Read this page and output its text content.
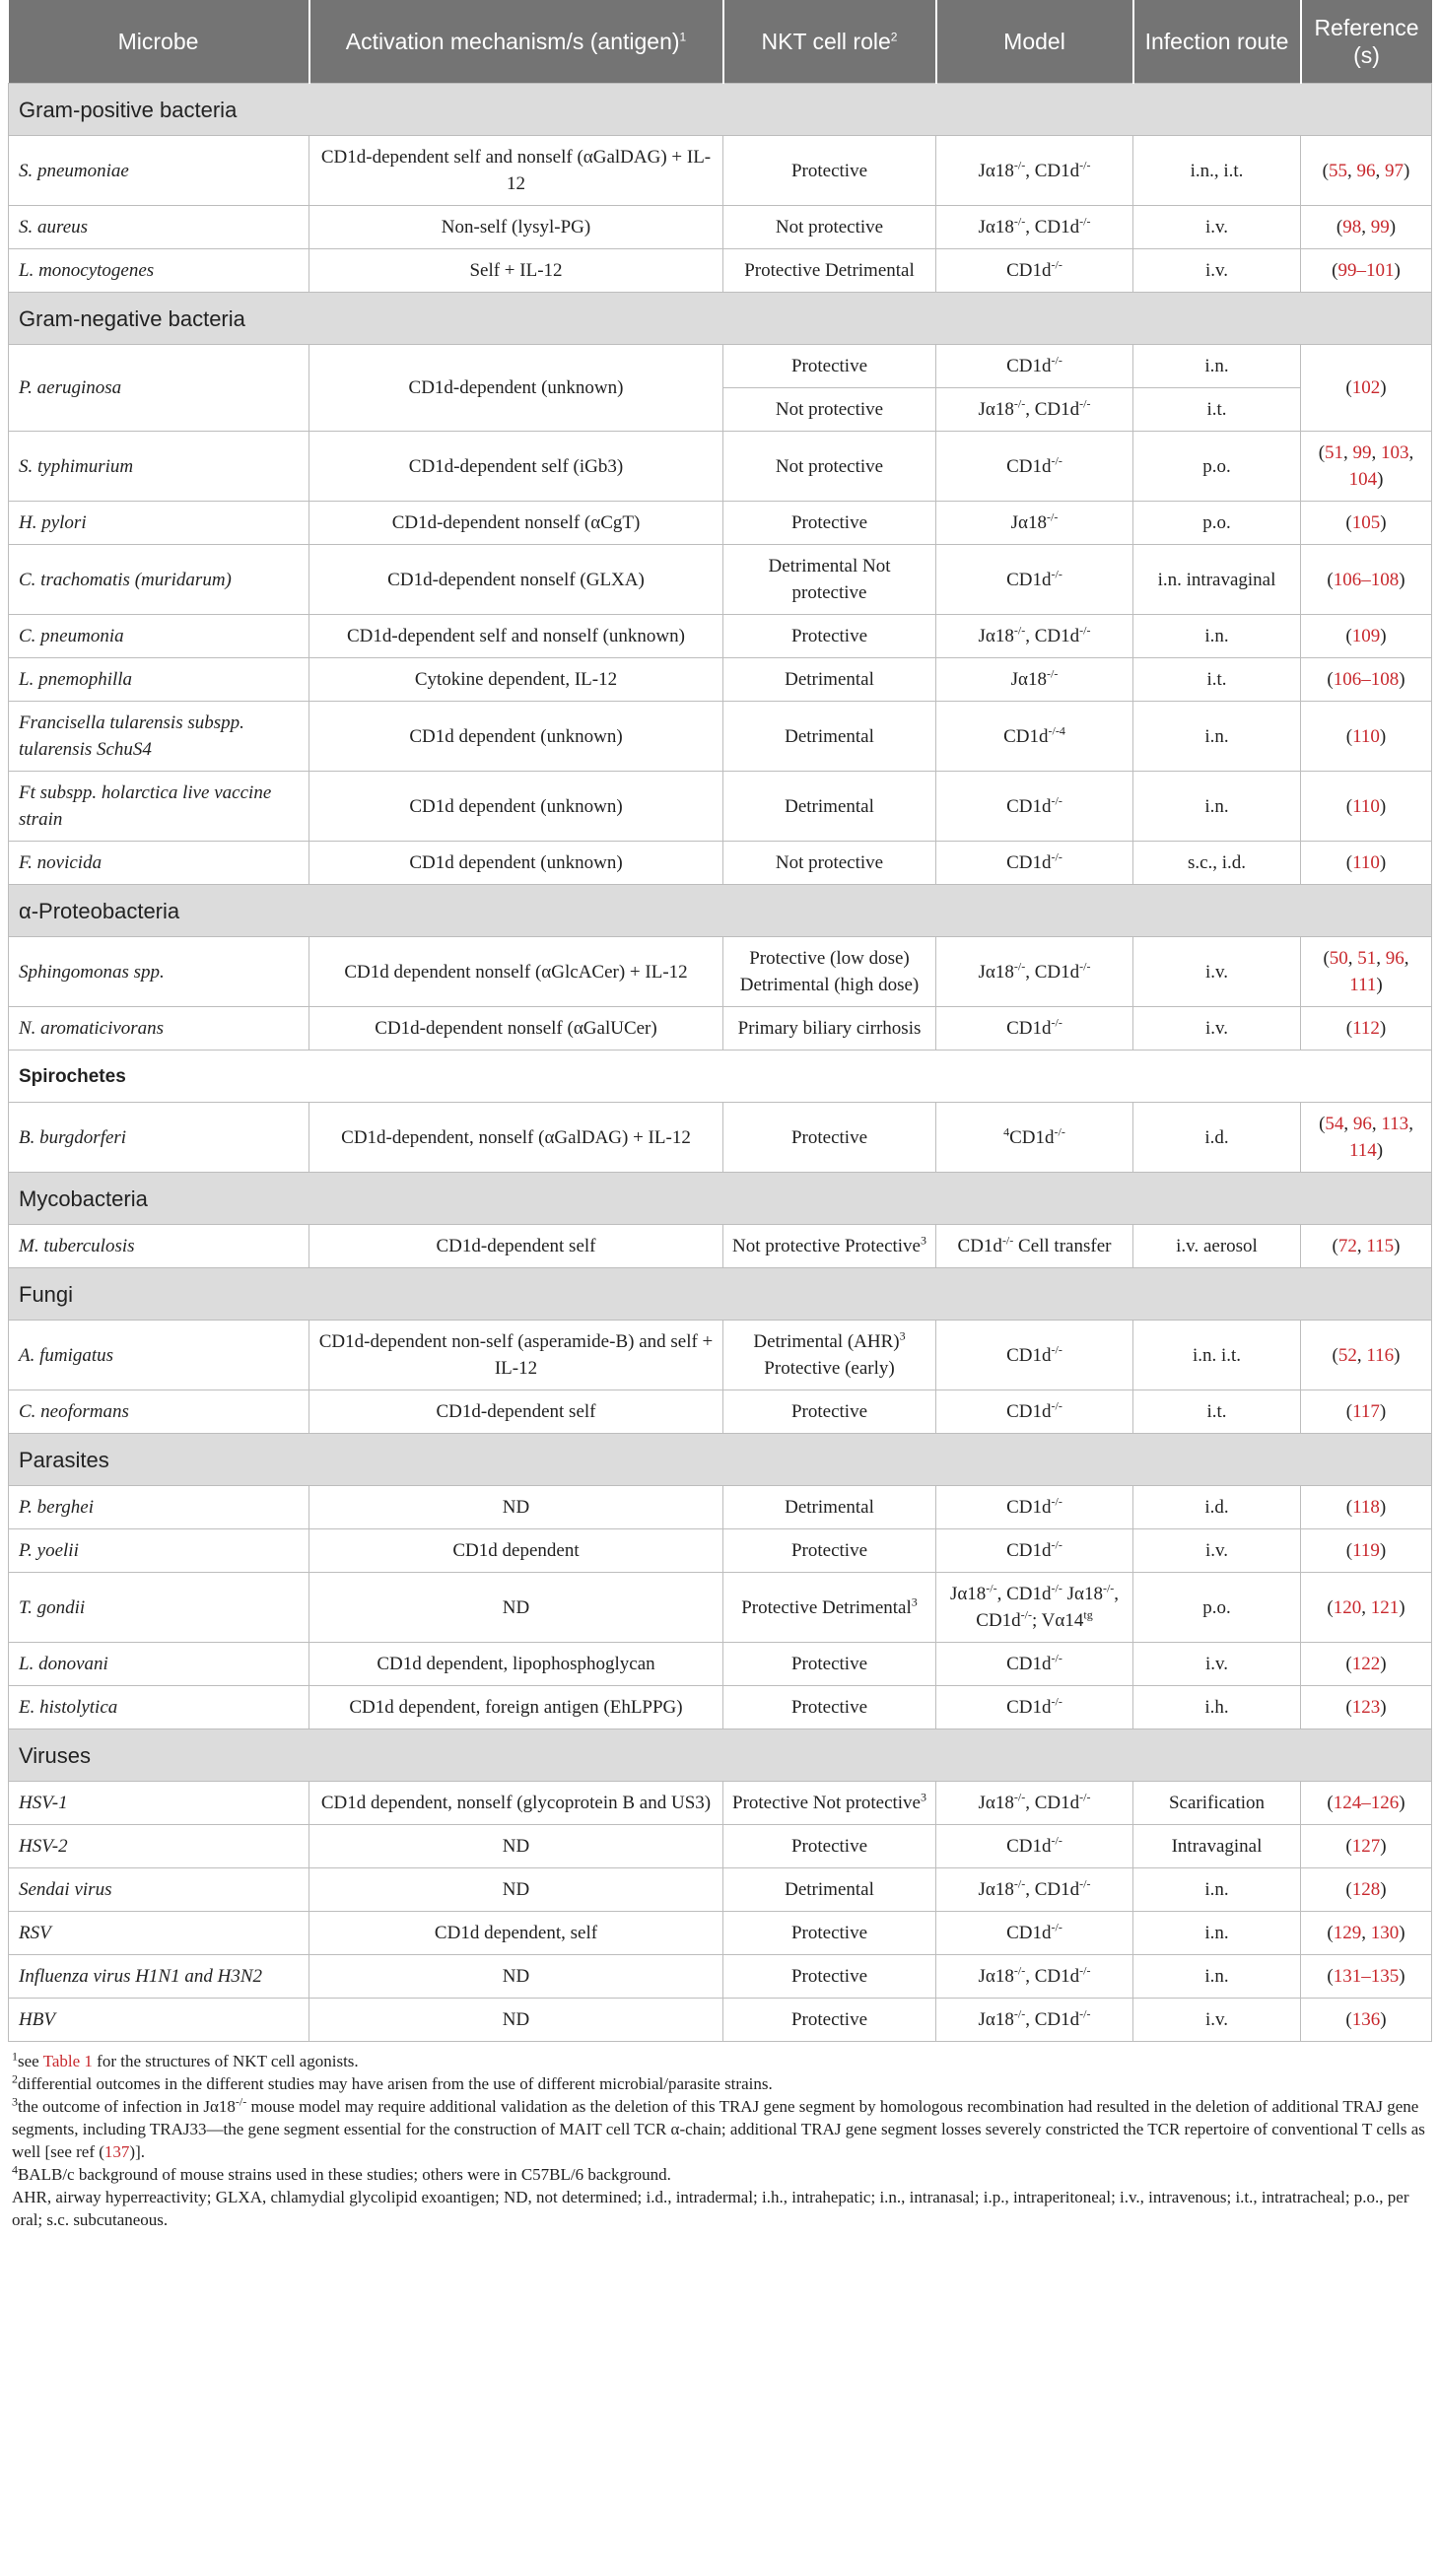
Microbe	Activation mechanism/s (antigen)$^1$	NKT cell role$^2$	Model	Infection route	Reference (s)
Gram-positive bacteria					
S. pneumoniae	CD1d-dependent self and nonself (αGalDAG) + IL-12	Protective	Jα18-/-, CD1d-/-	i.n., i.t.	(55, 96, 97)
S. aureus	Non-self (lysyl-PG)	Not protective	Jα18-/-, CD1d-/-	i.v.	(98, 99)
L. monocytogenes	Self + IL-12	Protective Detrimental	CD1d-/-	i.v.	(99–101)
Gram-negative bacteria					
P. aeruginosa	CD1d-dependent (unknown)	Protective	CD1d-/-	i.n.	(102)
		Not protective	Jα18-/-, CD1d-/-	i.t.	
S. typhimurium	CD1d-dependent self (iGb3)	Not protective	CD1d-/-	p.o.	(51, 99, 103, 104)
H. pylori	CD1d-dependent nonself (αCgT)	Protective	Jα18-/-	p.o.	(105)
C. trachomatis (muridarum)	CD1d-dependent nonself (GLXA)	Detrimental Not protective	CD1d-/-	i.n. intravaginal	(106–108)
C. pneumonia	CD1d-dependent self and nonself (unknown)	Protective	Jα18-/-, CD1d-/-	i.n.	(109)
L. pnemophilla	Cytokine dependent, IL-12	Detrimental	Jα18-/-	i.t.	(106–108)
Francisella tularensis subspp. tularensis SchuS4	CD1d dependent (unknown)	Detrimental	$CD1d^{-/-4}$	i.n.	(110)
Ft subspp. holarctica live vaccine strain	CD1d dependent (unknown)	Detrimental	CD1d-/-	i.n.	(110)
F. novicida	CD1d dependent (unknown)	Not protective	CD1d-/-	s.c., i.d.	(110)
α-Proteobacteria					
Sphingomonas spp.	CD1d dependent nonself (αGlcACer) + IL-12	Protective (low dose) Detrimental (high dose)	Jα18-/-, CD1d-/-	i.v.	(50, 51, 96, 111)
N. aromaticivorans	CD1d-dependent nonself (αGalUCer)	Primary biliary cirrhosis	CD1d-/-	i.v.	(112)
Spirochetes					
B. burgdorferi	CD1d-dependent, nonself (αGalDAG) + IL-12	Protective	$^4$CD1d-/-	i.d.	(54, 96, 113, 114)
Mycobacteria					
M. tuberculosis	CD1d-dependent self	Not protective Protective$^3$	CD1d-/- Cell transfer	i.v. aerosol	(72, 115)
Fungi					
A. fumigatus	CD1d-dependent non-self (asperamide-B) and self + IL-12	Detrimental (AHR)$^3$ Protective (early)	CD1d-/-	i.n. i.t.	(52, 116)
C. neoformans	CD1d-dependent self	Protective	CD1d-/-	i.t.	(117)
Parasites					
P. berghei	ND	Detrimental	CD1d-/-	i.d.	(118)
P. yoelii	CD1d dependent	Protective	CD1d-/-	i.v.	(119)
T. gondii	ND	Protective Detrimental$^3$	Jα18-/-, CD1d-/- Jα18-/-, CD1d-/-; $V\alpha 14^{tg}$	p.o.	(120, 121)
L. donovani	CD1d dependent, lipophosphoglycan	Protective	CD1d-/-	i.v.	(122)
E. histolytica	CD1d dependent, foreign antigen (EhLPPG)	Protective	CD1d-/-	i.h.	(123)
Viruses					
HSV-1	CD1d dependent, nonself (glycoprotein B and US3)	Protective Not protective$^3$	Jα18-/-, CD1d-/-	Scarification	(124–126)
HSV-2	ND	Protective	CD1d-/-	Intravaginal	(127)
Sendai virus	ND	Detrimental	Jα18-/-, CD1d-/-	i.n.	(128)
RSV	CD1d dependent, self	Protective	CD1d-/-	i.n.	(129, 130)
Influenza virus H1N1 and H3N2	ND	Protective	Jα18-/-, CD1d-/-	i.n.	(131–135)
HBV	ND	Protective	Jα18-/-, CD1d-/-	i.v.	(136)

$^1$see Table 1 for the structures of NKT cell agonists.

$^2$differential outcomes in the different studies may have arisen from the use of different microbial/parasite strains.

$^3$the outcome of infection in Jα18-/- mouse model may require additional validation as the deletion of this TRAJ gene segment by homologous recombination had resulted in the deletion of additional TRAJ gene segments, including TRAJ33—the gene segment essential for the construction of MAIT cell TCR α-chain; additional TRAJ gene segment losses severely constricted the TCR repertoire of conventional T cells as well [see ref (137)].

$^4$BALB/c background of mouse strains used in these studies; others were in C57BL/6 background.

AHR, airway hyperreactivity; GLXA, chlamydial glycolipid exoantigen; ND, not determined; i.d., intradermal; i.h., intrahepatic; i.n., intranasal; i.p., intraperitoneal; i.v., intravenous; i.t., intratracheal; p.o., per oral; s.c. subcutaneous.
